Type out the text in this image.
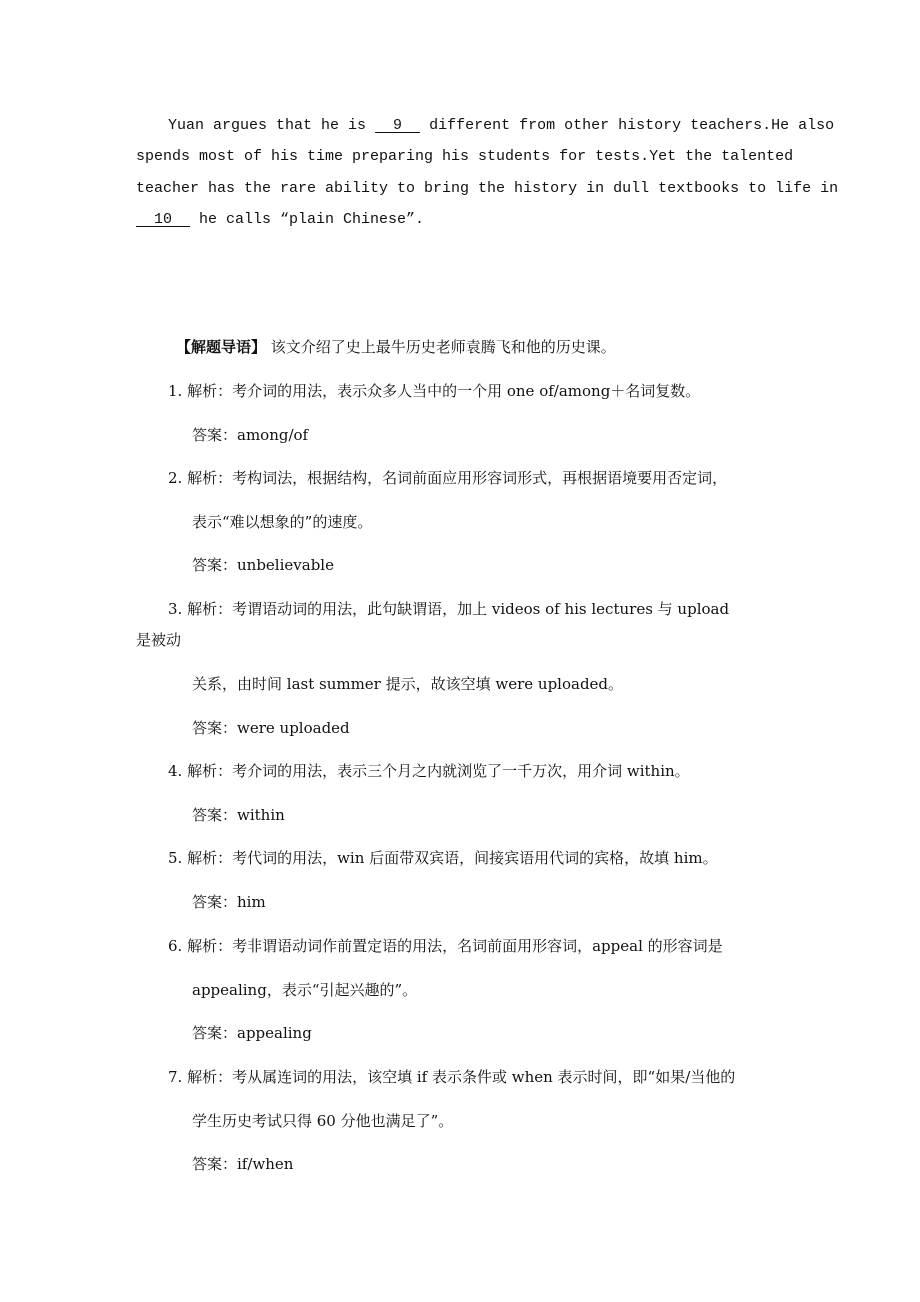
Yuan argues that he is   9   different from other history teachers.He also
spends most of his time preparing his students for tests.Yet the talented
teacher has the rare ability to bring the history in dull textbooks to life in
10   he calls “plain Chinese”.
【解题导语】 该文介绍了史上最牛历史老师袁腾飞和他的历史课。
1. 解析：考介词的用法，表示众多人当中的一个用 one of/among＋名词复数。
答案：among/of
2. 解析：考构词法，根据结构，名词前面应用形容词形式，再根据语境要用否定词，
表示“难以想象的”的速度。
答案：unbelievable
3. 解析：考谓语动词的用法，此句缺谓语，加上 videos of his lectures 与 upload
是被动
关系，由时间 last summer 提示，故该空填 were uploaded。
答案：were uploaded
4. 解析：考介词的用法，表示三个月之内就浏览了一千万次，用介词 within。
答案：within
5. 解析：考代词的用法，win 后面带双宾语，间接宾语用代词的宾格，故填 him。
答案：him
6. 解析：考非谓语动词作前置定语的用法，名词前面用形容词，appeal 的形容词是
appealing，表示“引起兴趣的”。
答案：appealing
7. 解析：考从属连词的用法，该空填 if 表示条件或 when 表示时间，即“如果/当他的
学生历史考试只得 60 分他也满足了”。
答案：if/when
